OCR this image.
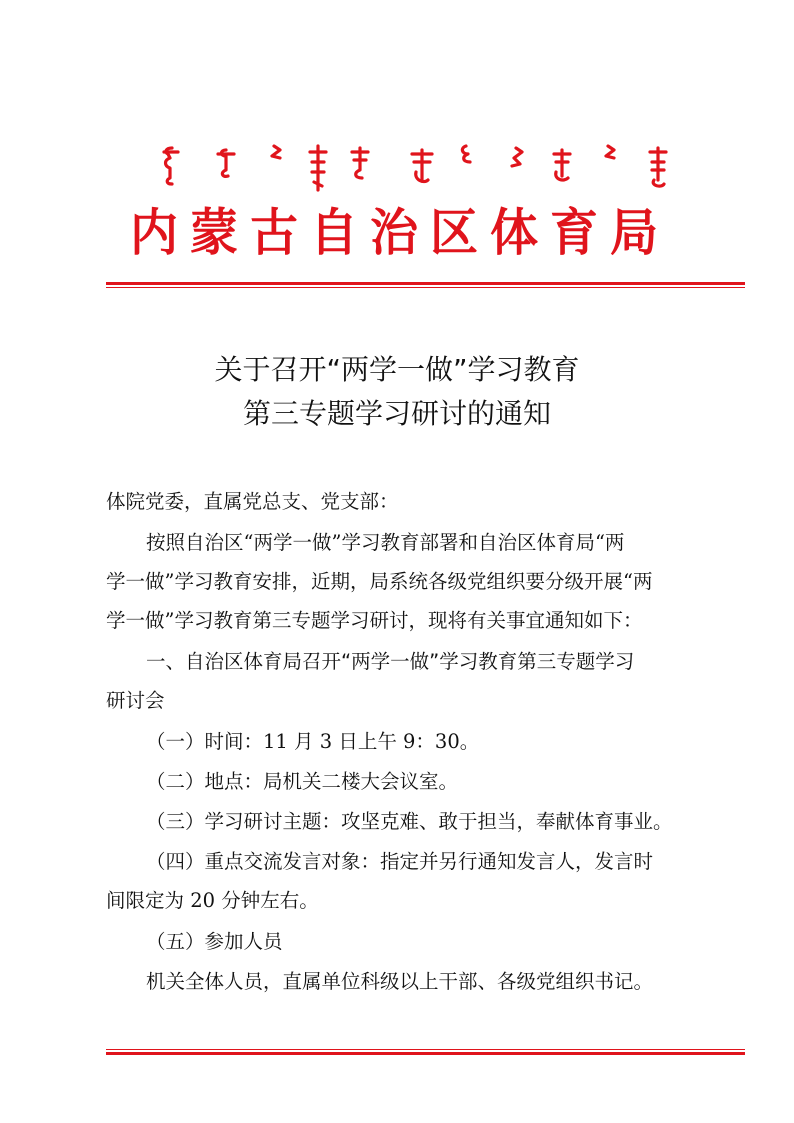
内蒙古自治区体育局
关于召开“两学一做”学习教育
第三专题学习研讨的通知
体院党委，直属党总支、党支部：
按照自治区“两学一做”学习教育部署和自治区体育局“两
学一做”学习教育安排，近期，局系统各级党组织要分级开展“两
学一做”学习教育第三专题学习研讨，现将有关事宜通知如下：
一、自治区体育局召开“两学一做”学习教育第三专题学习
研讨会
（一）时间：11 月 3 日上午 9：30。
（二）地点：局机关二楼大会议室。
（三）学习研讨主题：攻坚克难、敢于担当，奉献体育事业。
（四）重点交流发言对象：指定并另行通知发言人，发言时
间限定为 20 分钟左右。
（五）参加人员
机关全体人员，直属单位科级以上干部、各级党组织书记。
